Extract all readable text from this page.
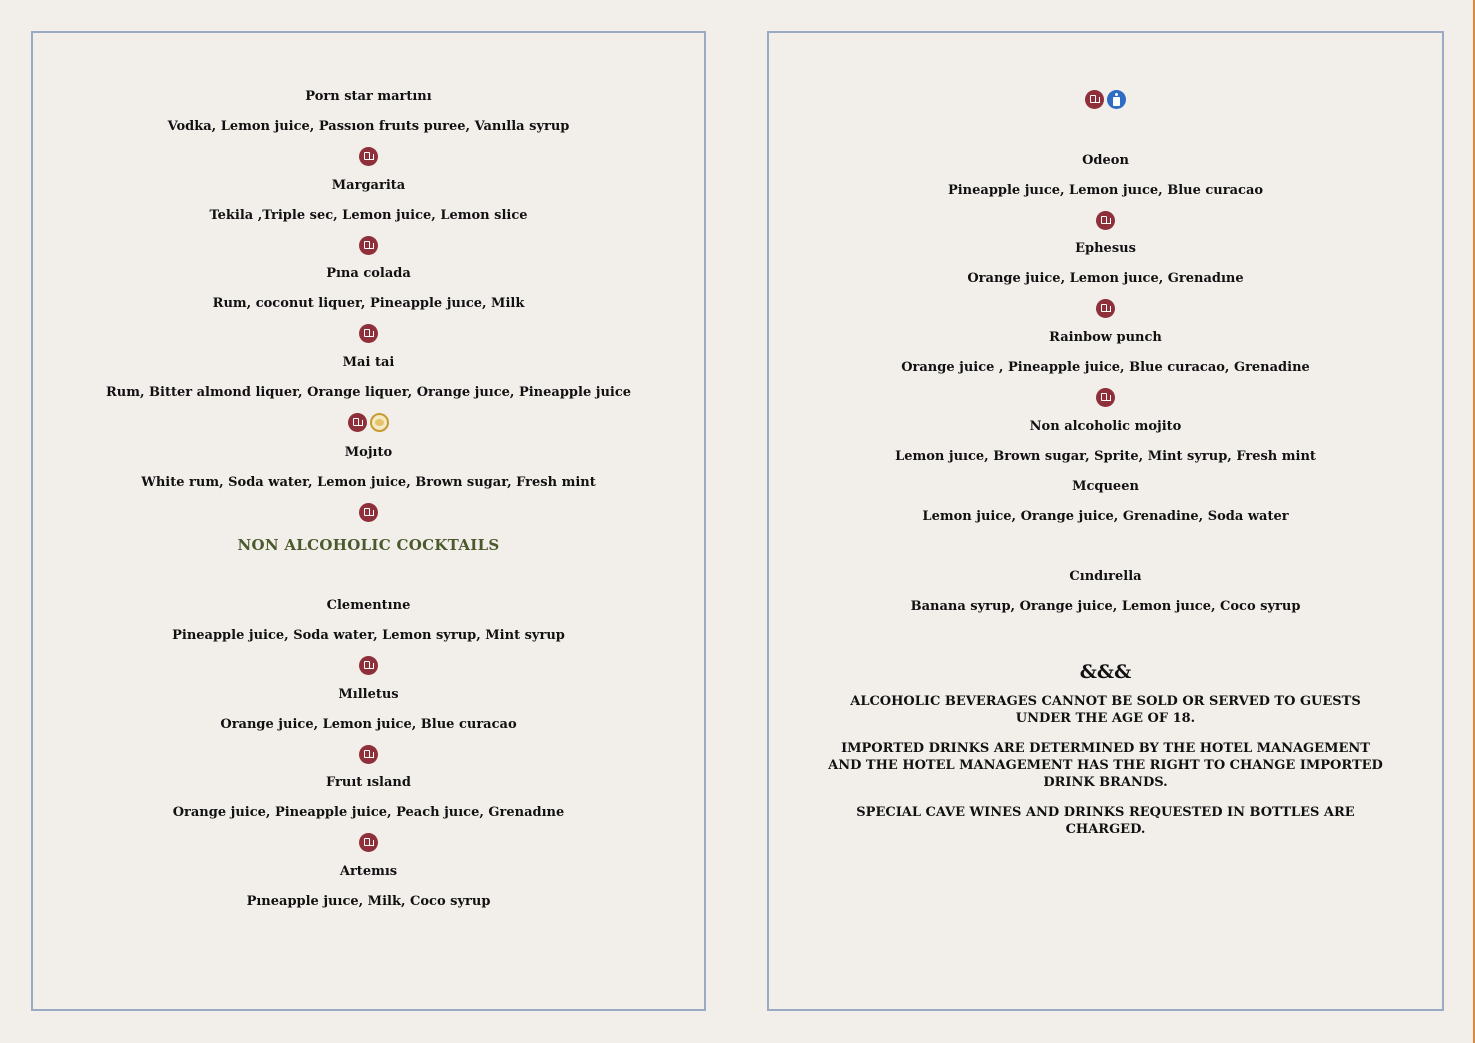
Porn star martını

Vodka, Lemon juice, Passıon fruıts puree, Vanılla syrup

Margarita

Tekila ,Triple sec, Lemon juice, Lemon slice

Pına colada

Rum, coconut liquer, Pineapple juıce, Milk

Mai tai

Rum, Bitter almond liquer, Orange liquer, Orange juıce, Pineapple juice

Mojıto

White rum, Soda water, Lemon juice, Brown sugar, Fresh mint

NON ALCOHOLIC COCKTAILS

Clementıne

Pineapple juice, Soda water, Lemon syrup, Mint syrup

Mılletus

Orange juice, Lemon juice, Blue curacao

Fruıt ısland

Orange juice, Pineapple juice, Peach juıce, Grenadıne

Artemıs

Pıneapple juıce, Milk, Coco syrup

Odeon

Pineapple juıce, Lemon juıce, Blue curacao

Ephesus

Orange juice, Lemon juıce, Grenadıne

Rainbow punch

Orange juice , Pineapple juice, Blue curacao, Grenadine

Non alcoholic mojito

Lemon juıce, Brown sugar, Sprite, Mint syrup, Fresh mint

Mcqueen

Lemon juice, Orange juice, Grenadine, Soda water

Cındırella

Banana syrup, Orange juice, Lemon juıce, Coco syrup

&&&

ALCOHOLIC BEVERAGES CANNOT BE SOLD OR SERVED TO GUESTS UNDER THE AGE OF 18.

IMPORTED DRINKS ARE DETERMINED BY THE HOTEL MANAGEMENT AND THE HOTEL MANAGEMENT HAS THE RIGHT TO CHANGE IMPORTED DRINK BRANDS.

SPECIAL CAVE WINES AND DRINKS REQUESTED IN BOTTLES ARE CHARGED.
